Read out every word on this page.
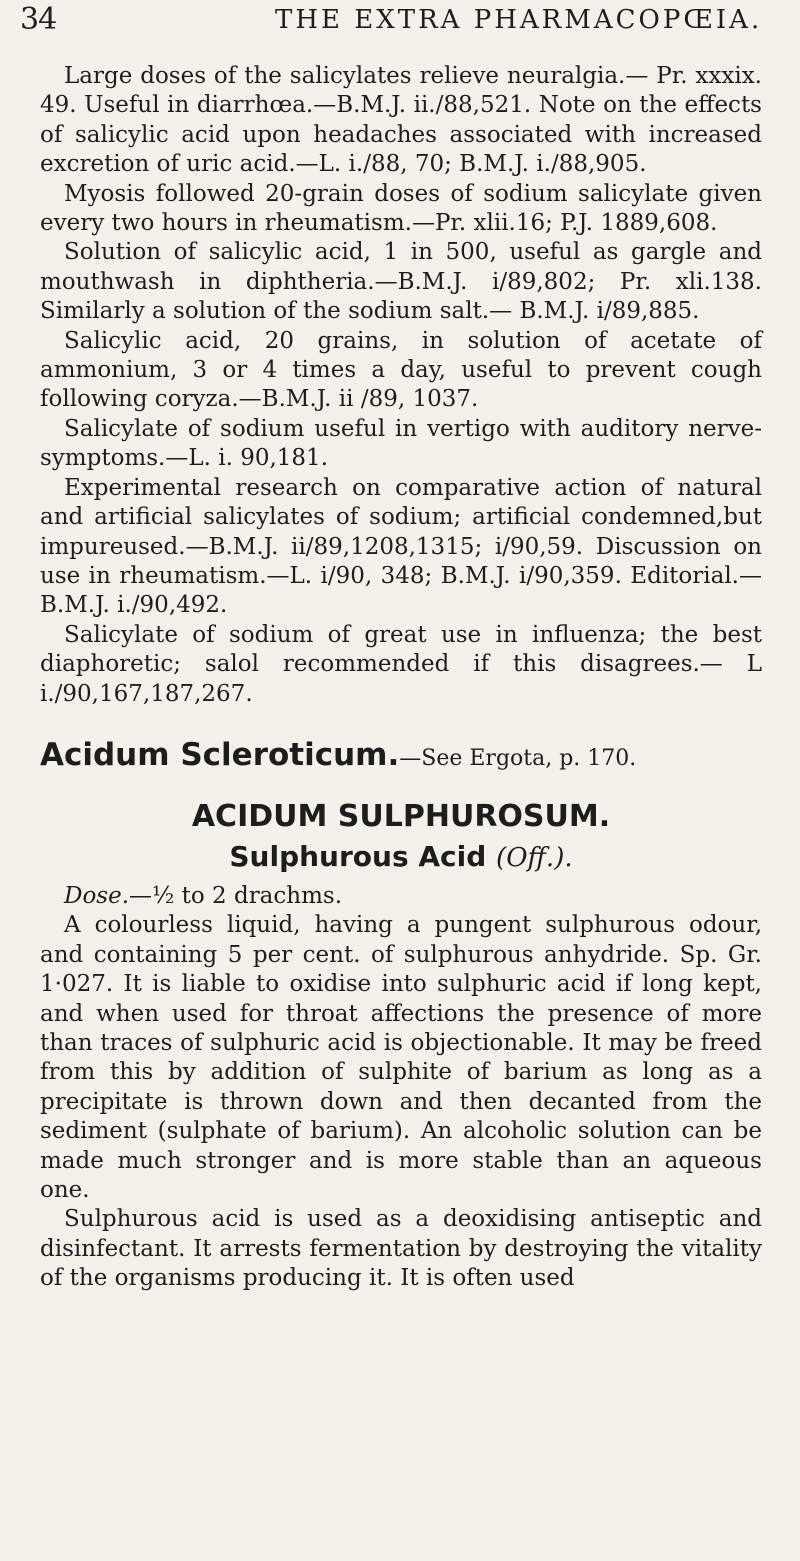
34	THE EXTRA PHARMACOPŒIA.

Large doses of the salicylates relieve neuralgia.— Pr. xxxix. 49. Useful in diarrhœa.—B.M.J. ii./88,521. Note on the effects of salicylic acid upon headaches associated with increased excretion of uric acid.—L. i./88, 70; B.M.J. i./88,905.

Myosis followed 20-grain doses of sodium salicylate given every two hours in rheumatism.—Pr. xlii.16; P.J. 1889,608.

Solution of salicylic acid, 1 in 500, useful as gargle and mouthwash in diphtheria.—B.M.J. i/89,802; Pr. xli.138. Similarly a solution of the sodium salt.— B.M.J. i/89,885.

Salicylic acid, 20 grains, in solution of acetate of ammonium, 3 or 4 times a day, useful to prevent cough following coryza.—B.M.J. ii /89, 1037.

Salicylate of sodium useful in vertigo with auditory nerve-symptoms.—L. i. 90,181.

Experimental research on comparative action of natural and artificial salicylates of sodium; artificial condemned,but impureused.—B.M.J. ii/89,1208,1315; i/90,59. Discussion on use in rheumatism.—L. i/90, 348; B.M.J. i/90,359. Editorial.—B.M.J. i./90,492.

Salicylate of sodium of great use in influenza; the best diaphoretic; salol recommended if this disagrees.— L i./90,167,187,267.

Acidum Scleroticum.—See Ergota, p. 170.
ACIDUM SULPHUROSUM.
Sulphurous Acid (Off.).

Dose.—½ to 2 drachms.

A colourless liquid, having a pungent sulphurous odour, and containing 5 per cent. of sulphurous anhydride. Sp. Gr. 1·027. It is liable to oxidise into sulphuric acid if long kept, and when used for throat affections the presence of more than traces of sulphuric acid is objectionable. It may be freed from this by addition of sulphite of barium as long as a precipitate is thrown down and then decanted from the sediment (sulphate of barium). An alcoholic solution can be made much stronger and is more stable than an aqueous one.

Sulphurous acid is used as a deoxidising antiseptic and disinfectant. It arrests fermentation by destroying the vitality of the organisms producing it. It is often used
